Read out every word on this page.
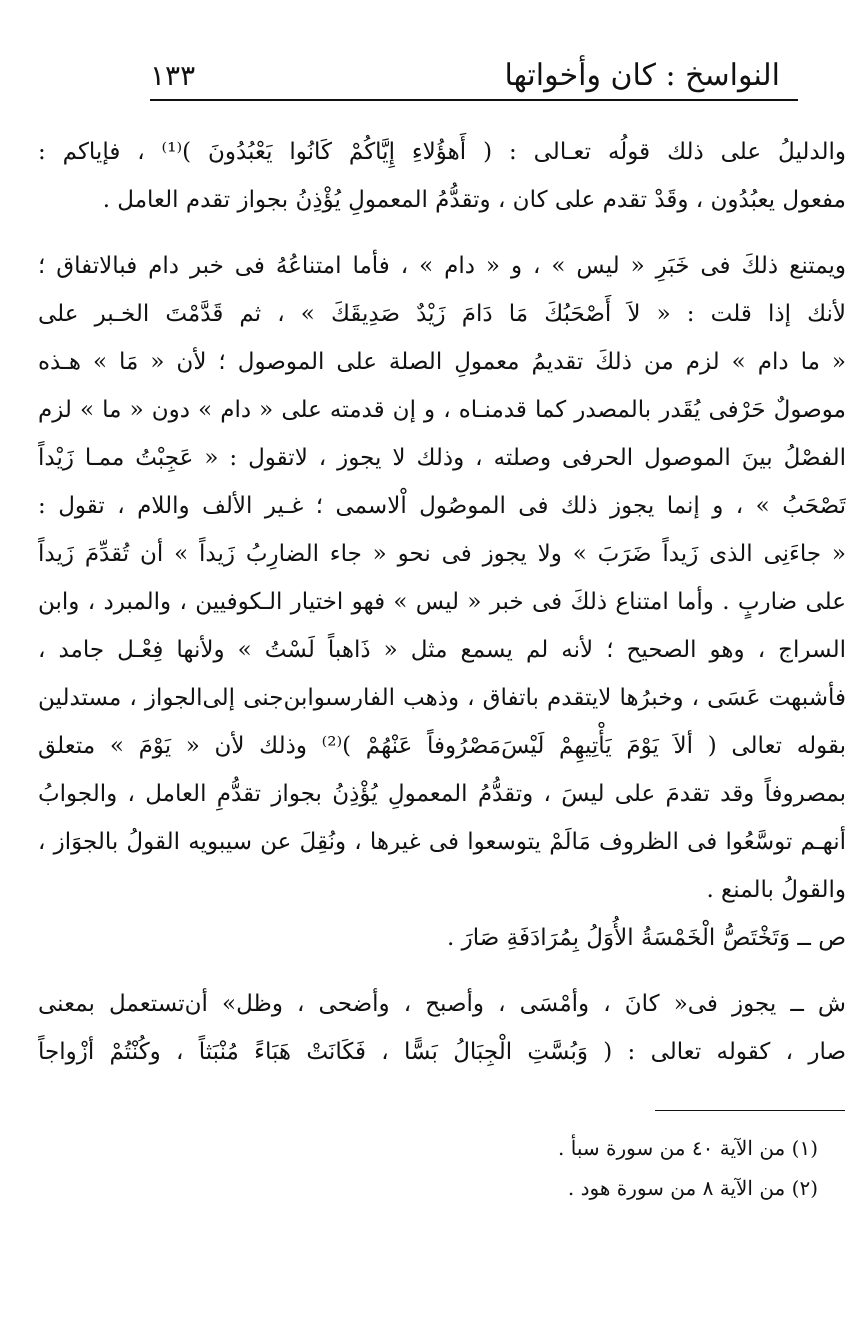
النواسخ : كان وأخواتها
١٣٣
والدليلُ على ذلك قولُه تعـالى : ( أَهؤُلاءِ إِيَّاكُمْ كَانُوا يَعْبُدُونَ )⁽¹⁾ ، فإياكم :
مفعول يعبُدُون ، وقَدْ تقدم على كان ، وتقدُّمُ المعمولِ يُؤْذِنُ بجواز تقدم العامل .
ويمتنع ذلكَ فى خَبَرِ « ليس » ، و « دام » ، فأما امتناعُهُ فى خبر دام فبالاتفاق ؛
لأنك إذا قلت : « لاَ أَصْحَبُكَ مَا دَامَ زَيْدٌ صَدِيقَكَ » ، ثم قَدَّمْتَ الخـبر على
« ما دام » لزم من ذلكَ تقديمُ معمولِ الصلة على الموصول ؛ لأن « مَا » هـذه
موصولٌ حَرْفى يُقَدر بالمصدر كما قدمنـاه ، و إن قدمته على « دام » دون « ما » لزم
الفصْلُ بينَ الموصول الحرفى وصلته ، وذلك لا يجوز ، لاتقول : « عَجِبْتُ ممـا زَيْداً
تَصْحَبُ » ، و إنما يجوز ذلك فى الموصُول اْلاسمى ؛ غـير الألف واللام ، تقول :
« جاءَنِى الذى زَيداً ضَرَبَ » ولا يجوز فى نحو « جاء الضارِبُ زَيداً » أن تُقدِّمَ زَيداً
على ضاربٍ . وأما امتناع ذلكَ فى خبر « ليس » فهو اختيار الـكوفيين ، والمبرد ، وابن
السراج ، وهو الصحيح ؛ لأنه لم يسمع مثل « ذَاهباً لَسْتُ » ولأنها فِعْـل جامد ،
فأشبهت عَسَى ، وخبرُها لايتقدم باتفاق ، وذهب الفارسىوابن‌جنى إلى‌الجواز ، مستدلين
بقوله تعالى ( ألاَ يَوْمَ يَأْتِيهِمْ لَيْسَ‌مَصْرُوفاً عَنْهُمْ )⁽²⁾ وذلك لأن « يَوْمَ » متعلق
بمصروفاً وقد تقدمَ على ليسَ ، وتقدُّمُ المعمولِ يُؤْذِنُ بجواز تقدُّمِ العامل ، والجوابُ
أنهـم توسَّعُوا فى الظروف مَالَمْ يتوسعوا فى غيرها ، ونُقِلَ عن سيبويه القولُ بالجوَاز ،
والقولُ بالمنع .
ص ــ وَتَخْتَصُّ الْخَمْسَةُ الأُوَلُ بِمُرَادَفَةِ صَارَ .
ش ــ يجوز فى« كانَ ، وأمْسَى ، وأصبح ، وأضحى ، وظل» أن‌تستعمل بمعنى
صار ، كقوله تعالى : ( وَبُسَّتِ الْجِبَالُ بَسًّا ، فَكَانَتْ هَبَاءً مُنْبَثاً ، وكُنْتُمْ أزْواجاً
(١) من الآية ٤٠ من سورة سبأ .
(٢) من الآية ٨ من سورة هود .
